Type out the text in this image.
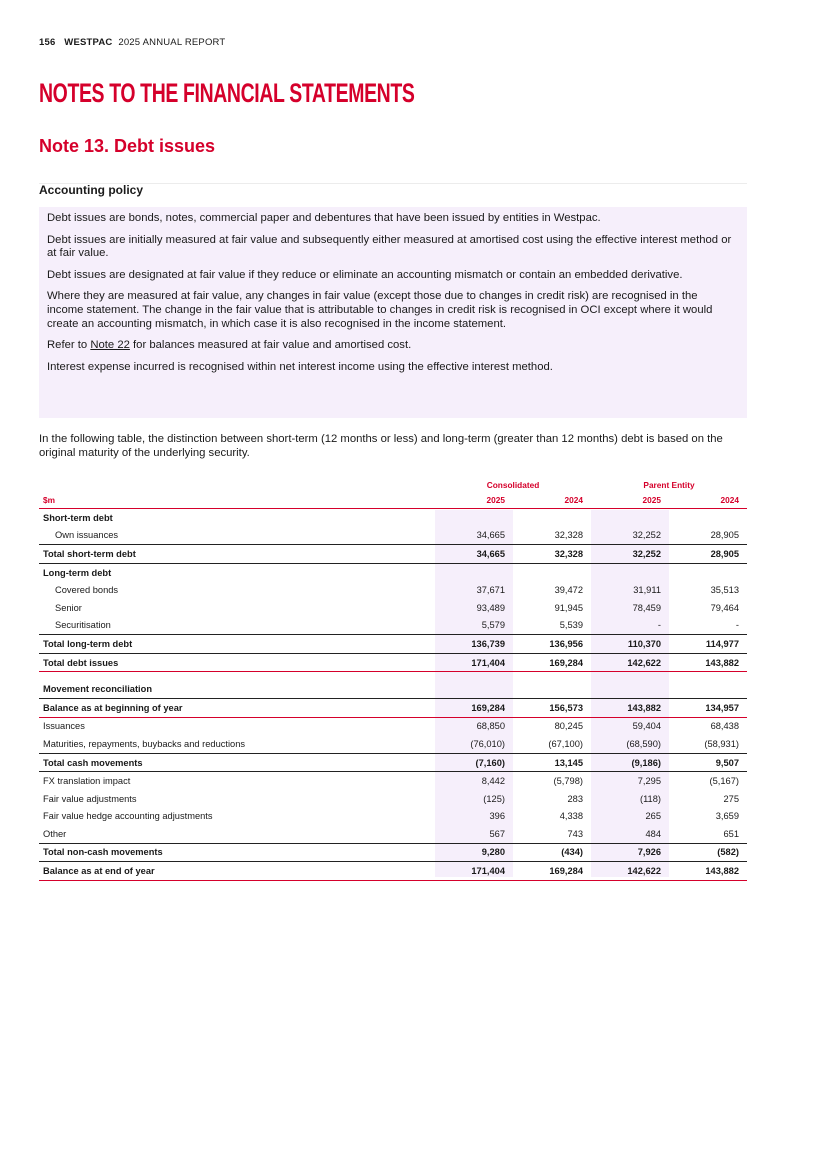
156 WESTPAC 2025 ANNUAL REPORT
NOTES TO THE FINANCIAL STATEMENTS
Note 13. Debt issues
Accounting policy

Debt issues are bonds, notes, commercial paper and debentures that have been issued by entities in Westpac.

Debt issues are initially measured at fair value and subsequently either measured at amortised cost using the effective interest method or at fair value.

Debt issues are designated at fair value if they reduce or eliminate an accounting mismatch or contain an embedded derivative.

Where they are measured at fair value, any changes in fair value (except those due to changes in credit risk) are recognised in the income statement. The change in the fair value that is attributable to changes in credit risk is recognised in OCI except where it would create an accounting mismatch, in which case it is also recognised in the income statement.

Refer to Note 22 for balances measured at fair value and amortised cost.

Interest expense incurred is recognised within net interest income using the effective interest method.

In the following table, the distinction between short-term (12 months or less) and long-term (greater than 12 months) debt is based on the original maturity of the underlying security.

	Consolidated		Parent Entity	
$m	2025	2024	2025	2024
Short-term debt				
Own issuances	34,665	32,328	32,252	28,905
Total short-term debt	34,665	32,328	32,252	28,905
Long-term debt				
Covered bonds	37,671	39,472	31,911	35,513
Senior	93,489	91,945	78,459	79,464
Securitisation	5,579	5,539	-	-
Total long-term debt	136,739	136,956	110,370	114,977
Total debt issues	171,404	169,284	142,622	143,882

Movement reconciliation				
Balance as at beginning of year	169,284	156,573	143,882	134,957
Issuances	68,850	80,245	59,404	68,438
Maturities, repayments, buybacks and reductions	(76,010)	(67,100)	(68,590)	(58,931)
Total cash movements	(7,160)	13,145	(9,186)	9,507
FX translation impact	8,442	(5,798)	7,295	(5,167)
Fair value adjustments	(125)	283	(118)	275
Fair value hedge accounting adjustments	396	4,338	265	3,659
Other	567	743	484	651
Total non-cash movements	9,280	(434)	7,926	(582)
Balance as at end of year	171,404	169,284	142,622	143,882
